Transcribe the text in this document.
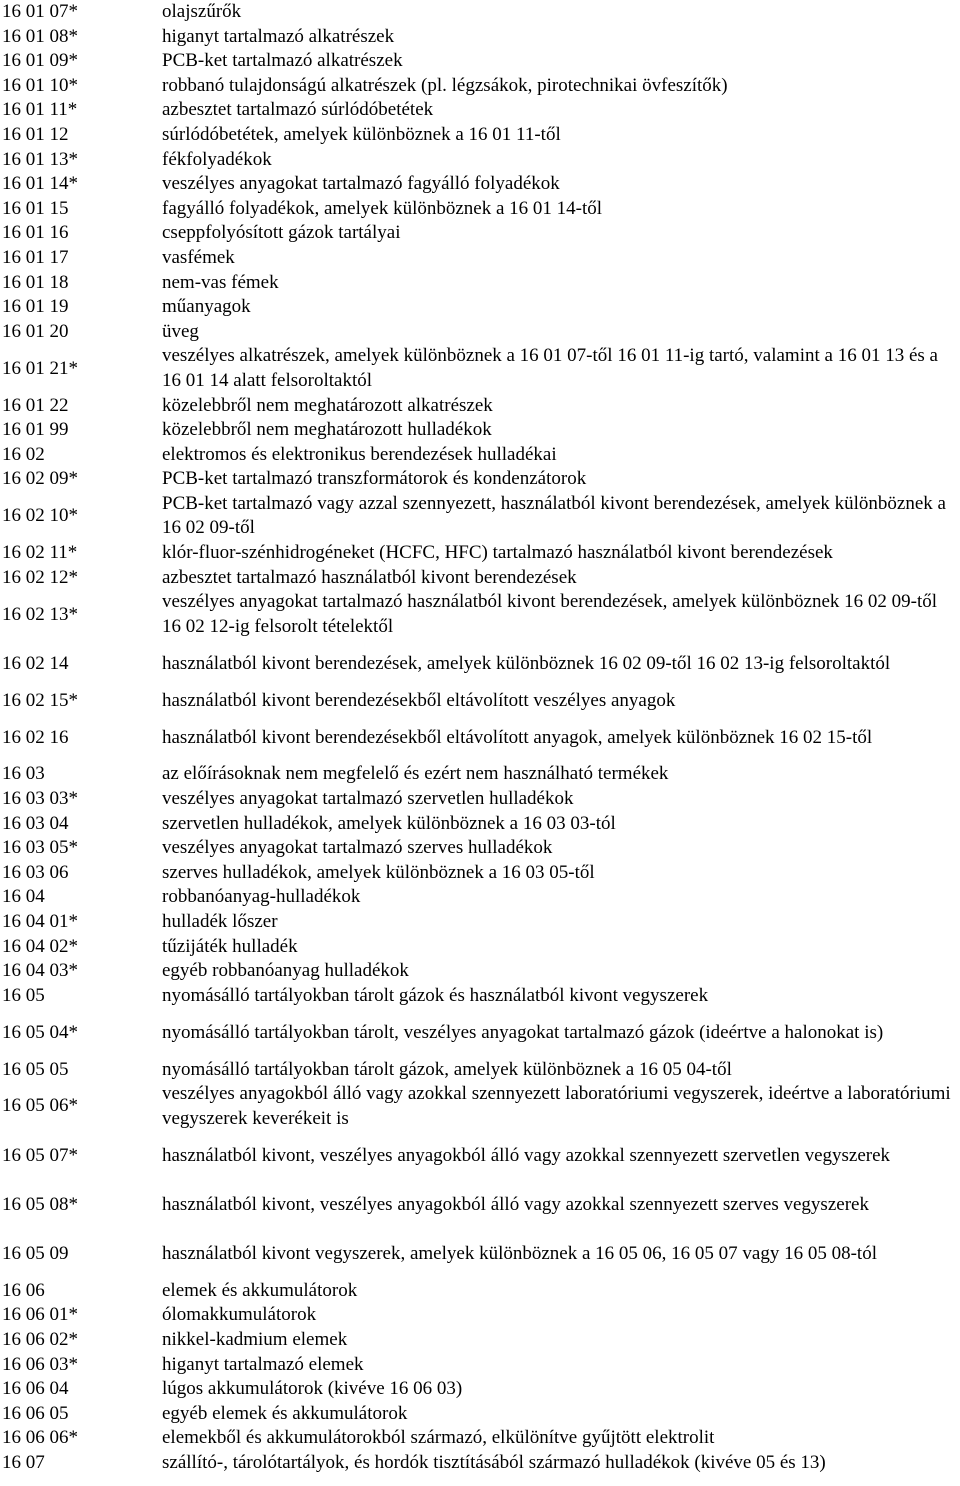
16 01 07*	olajszűrők
16 01 08*	higanyt tartalmazó alkatrészek
16 01 09*	PCB-ket tartalmazó alkatrészek
16 01 10*	robbanó tulajdonságú alkatrészek (pl. légzsákok, pirotechnikai övfeszítők)
16 01 11*	azbesztet tartalmazó súrlódóbetétek
16 01 12	súrlódóbetétek, amelyek különböznek a 16 01 11-től
16 01 13*	fékfolyadékok
16 01 14*	veszélyes anyagokat tartalmazó fagyálló folyadékok
16 01 15	fagyálló folyadékok, amelyek különböznek a 16 01 14-től
16 01 16	cseppfolyósított gázok tartályai
16 01 17	vasfémek
16 01 18	nem-vas fémek
16 01 19	műanyagok
16 01 20	üveg
16 01 21*	veszélyes alkatrészek, amelyek különböznek a 16 01 07-től 16 01 11-ig tartó, valamint a 16 01 13 és a 16 01 14 alatt felsoroltaktól
16 01 22	közelebbről nem meghatározott alkatrészek
16 01 99	közelebbről nem meghatározott hulladékok
16 02	elektromos és elektronikus berendezések hulladékai
16 02 09*	PCB-ket tartalmazó transzformátorok és kondenzátorok
16 02 10*	PCB-ket tartalmazó vagy azzal szennyezett, használatból kivont berendezések, amelyek különböznek a 16 02 09-től
16 02 11*	klór-fluor-szénhidrogéneket (HCFC, HFC) tartalmazó használatból kivont berendezések
16 02 12*	azbesztet tartalmazó használatból kivont berendezések
16 02 13*	veszélyes anyagokat tartalmazó használatból kivont berendezések, amelyek különböznek 16 02 09-től 16 02 12-ig felsorolt tételektől
16 02 14	használatból kivont berendezések, amelyek különböznek 16 02 09-től 16 02 13-ig felsoroltaktól
16 02 15*	használatból kivont berendezésekből eltávolított veszélyes anyagok
16 02 16	használatból kivont berendezésekből eltávolított anyagok, amelyek különböznek 16 02 15-től
16 03	az előírásoknak nem megfelelő és ezért nem használható termékek
16 03 03*	veszélyes anyagokat tartalmazó szervetlen hulladékok
16 03 04	szervetlen hulladékok, amelyek különböznek a 16 03 03-tól
16 03 05*	veszélyes anyagokat tartalmazó szerves hulladékok
16 03 06	szerves hulladékok, amelyek különböznek a 16 03 05-től
16 04	robbanóanyag-hulladékok
16 04 01*	hulladék lőszer
16 04 02*	tűzijáték hulladék
16 04 03*	egyéb robbanóanyag hulladékok
16 05	nyomásálló tartályokban tárolt gázok és használatból kivont vegyszerek
16 05 04*	nyomásálló tartályokban tárolt, veszélyes anyagokat tartalmazó gázok (ideértve a halonokat is)
16 05 05	nyomásálló tartályokban tárolt gázok, amelyek különböznek a 16 05 04-től
16 05 06*	veszélyes anyagokból álló vagy azokkal szennyezett laboratóriumi vegyszerek, ideértve a laboratóriumi vegyszerek keverékeit is
16 05 07*	használatból kivont, veszélyes anyagokból álló vagy azokkal szennyezett szervetlen vegyszerek
16 05 08*	használatból kivont, veszélyes anyagokból álló vagy azokkal szennyezett szerves vegyszerek
16 05 09	használatból kivont vegyszerek, amelyek különböznek a 16 05 06, 16 05 07 vagy 16 05 08-tól
16 06	elemek és akkumulátorok
16 06 01*	ólomakkumulátorok
16 06 02*	nikkel-kadmium elemek
16 06 03*	higanyt tartalmazó elemek
16 06 04	lúgos akkumulátorok (kivéve 16 06 03)
16 06 05	egyéb elemek és akkumulátorok
16 06 06*	elemekből és akkumulátorokból származó, elkülönítve gyűjtött elektrolit
16 07	szállító-, tárolótartályok, és hordók tisztításából származó hulladékok (kivéve 05 és 13)
